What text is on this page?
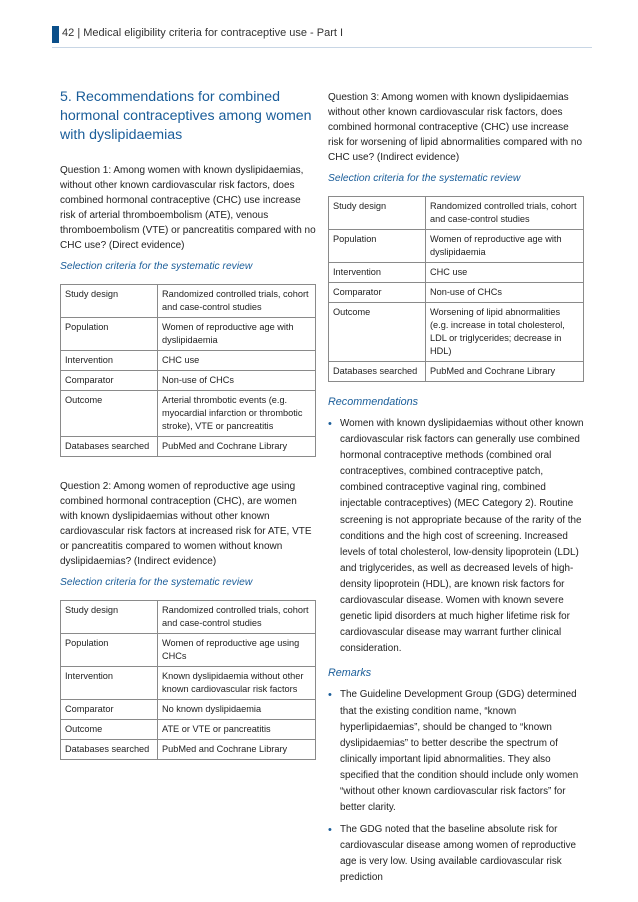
42 | Medical eligibility criteria for contraceptive use - Part I
5. Recommendations for combined hormonal contraceptives among women with dyslipidaemias

Question 1: Among women with known dyslipidaemias, without other known cardiovascular risk factors, does combined hormonal contraceptive (CHC) use increase risk of arterial thromboembolism (ATE), venous thromboembolism (VTE) or pancreatitis compared with no CHC use? (Direct evidence)

Selection criteria for the systematic review
Study design	Randomized controlled trials, cohort and case-control studies
Population	Women of reproductive age with dyslipidaemia
Intervention	CHC use
Comparator	Non-use of CHCs
Outcome	Arterial thrombotic events (e.g. myocardial infarction or thrombotic stroke), VTE or pancreatitis
Databases searched	PubMed and Cochrane Library

Question 2: Among women of reproductive age using combined hormonal contraception (CHC), are women with known dyslipidaemias without other known cardiovascular risk factors at increased risk for ATE, VTE or pancreatitis compared to women without known dyslipidaemias? (Indirect evidence)

Selection criteria for the systematic review
Study design	Randomized controlled trials, cohort and case-control studies
Population	Women of reproductive age using CHCs
Intervention	Known dyslipidaemia without other known cardiovascular risk factors
Comparator	No known dyslipidaemia
Outcome	ATE or VTE or pancreatitis
Databases searched	PubMed and Cochrane Library

Question 3: Among women with known dyslipidaemias without other known cardiovascular risk factors, does combined hormonal contraceptive (CHC) use increase risk for worsening of lipid abnormalities compared with no CHC use? (Indirect evidence)

Selection criteria for the systematic review
Study design	Randomized controlled trials, cohort and case-control studies
Population	Women of reproductive age with dyslipidaemia
Intervention	CHC use
Comparator	Non-use of CHCs
Outcome	Worsening of lipid abnormalities (e.g. increase in total cholesterol, LDL or triglycerides; decrease in HDL)
Databases searched	PubMed and Cochrane Library
Recommendations
• Women with known dyslipidaemias without other known cardiovascular risk factors can generally use combined hormonal contraceptive methods (combined oral contraceptives, combined contraceptive patch, combined contraceptive vaginal ring, combined injectable contraceptives) (MEC Category 2). Routine screening is not appropriate because of the rarity of the conditions and the high cost of screening. Increased levels of total cholesterol, low-density lipoprotein (LDL) and triglycerides, as well as decreased levels of high-density lipoprotein (HDL), are known risk factors for cardiovascular disease. Women with known severe genetic lipid disorders at much higher lifetime risk for cardiovascular disease may warrant further clinical consideration.
Remarks
• The Guideline Development Group (GDG) determined that the existing condition name, “known hyperlipidaemias”, should be changed to “known dyslipidaemias” to better describe the spectrum of clinically important lipid abnormalities. They also specified that the condition should include only women “without other known cardiovascular risk factors” for better clarity.
• The GDG noted that the baseline absolute risk for cardiovascular disease among women of reproductive age is very low. Using available cardiovascular risk prediction
